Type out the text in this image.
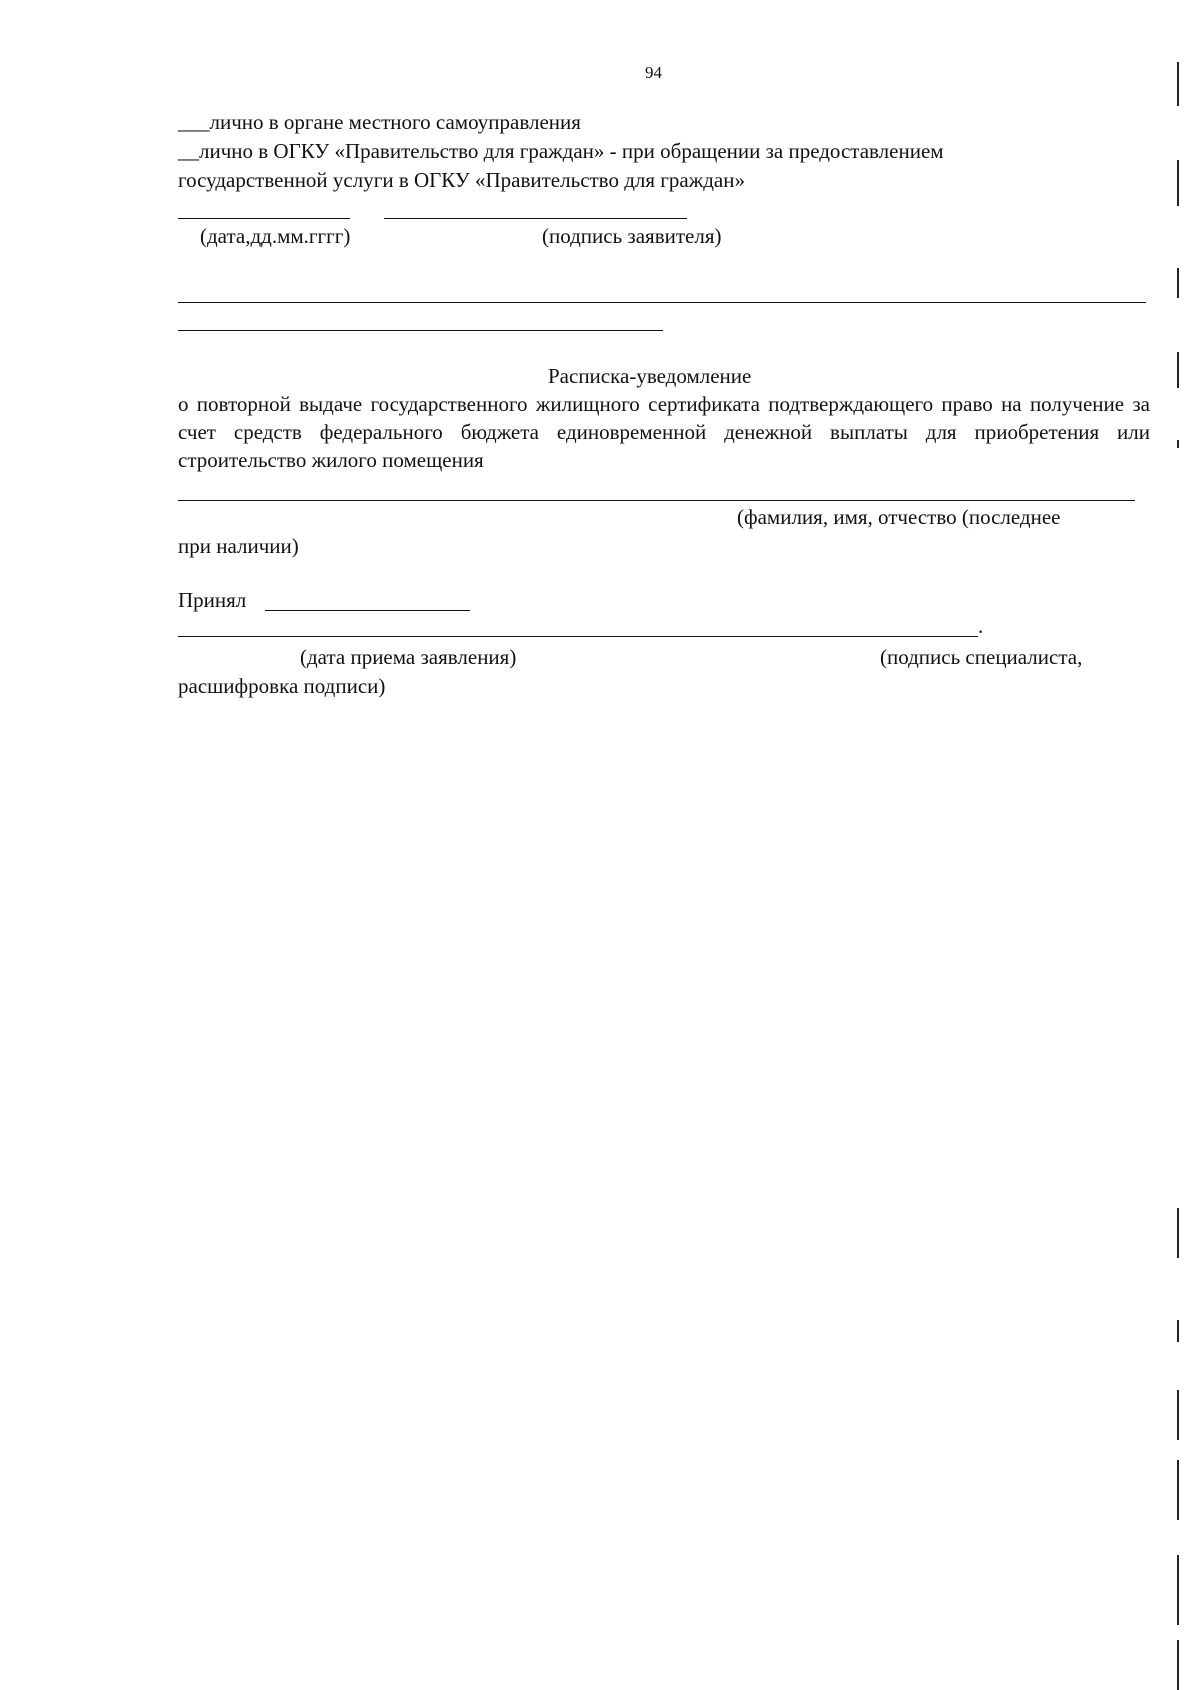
94
___лично в органе местного самоуправления
__лично в ОГКУ «Правительство для граждан» - при обращении за предоставлением
государственной услуги в ОГКУ «Правительство для граждан»
(дата,дд.мм.гггг)	(подпись заявителя)
Расписка-уведомление
о повторной выдаче государственного жилищного сертификата подтверждающего право на получение за счет средств федерального бюджета единовременной денежной выплаты для приобретения или строительство жилого помещения
(фамилия, имя, отчество (последнее
при наличии)
Принял
.
(дата приема заявления)	(подпись специалиста,
расшифровка подписи)
